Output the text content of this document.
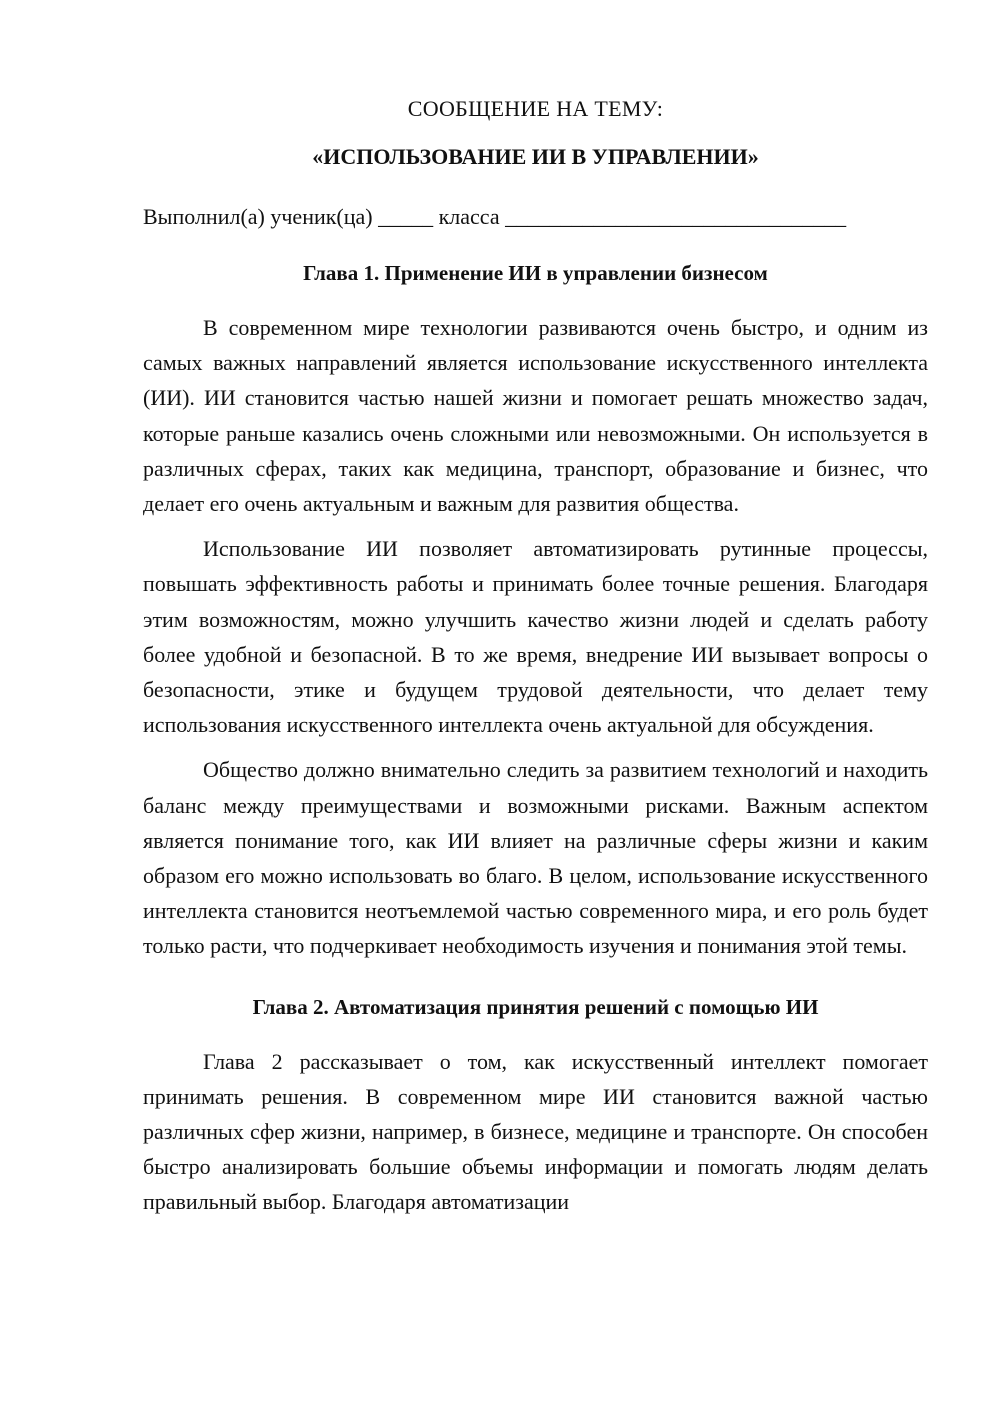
СООБЩЕНИЕ НА ТЕМУ:

«ИСПОЛЬЗОВАНИЕ ИИ В УПРАВЛЕНИИ»

Выполнил(а) ученик(ца) _____ класса _______________________________

Глава 1. Применение ИИ в управлении бизнесом

В современном мире технологии развиваются очень быстро, и одним из самых важных направлений является использование искусственного интеллекта (ИИ). ИИ становится частью нашей жизни и помогает решать множество задач, которые раньше казались очень сложными или невозможными. Он используется в различных сферах, таких как медицина, транспорт, образование и бизнес, что делает его очень актуальным и важным для развития общества.

Использование ИИ позволяет автоматизировать рутинные процессы, повышать эффективность работы и принимать более точные решения. Благодаря этим возможностям, можно улучшить качество жизни людей и сделать работу более удобной и безопасной. В то же время, внедрение ИИ вызывает вопросы о безопасности, этике и будущем трудовой деятельности, что делает тему использования искусственного интеллекта очень актуальной для обсуждения.

Общество должно внимательно следить за развитием технологий и находить баланс между преимуществами и возможными рисками. Важным аспектом является понимание того, как ИИ влияет на различные сферы жизни и каким образом его можно использовать во благо. В целом, использование искусственного интеллекта становится неотъемлемой частью современного мира, и его роль будет только расти, что подчеркивает необходимость изучения и понимания этой темы.

Глава 2. Автоматизация принятия решений с помощью ИИ

Глава 2 рассказывает о том, как искусственный интеллект помогает принимать решения. В современном мире ИИ становится важной частью различных сфер жизни, например, в бизнесе, медицине и транспорте. Он способен быстро анализировать большие объемы информации и помогать людям делать правильный выбор. Благодаря автоматизации
